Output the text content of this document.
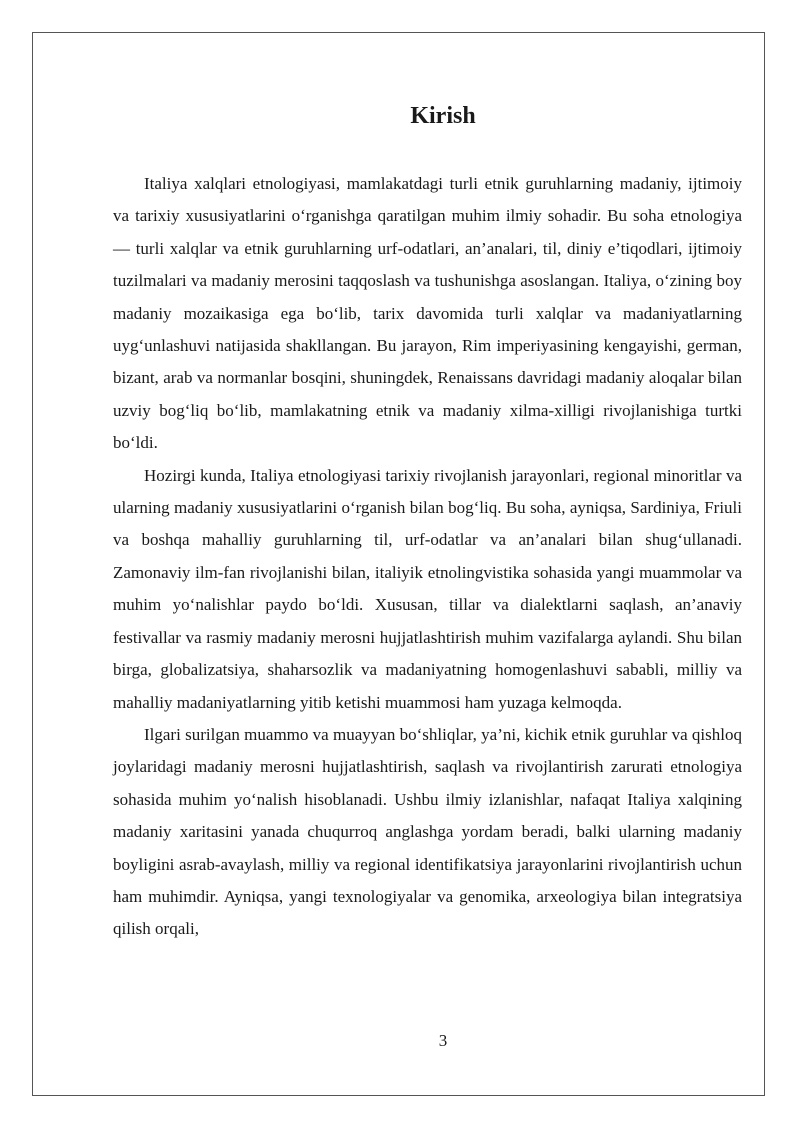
Kirish

Italiya xalqlari etnologiyasi, mamlakatdagi turli etnik guruhlarning madaniy, ijtimoiy va tarixiy xususiyatlarini o‘rganishga qaratilgan muhim ilmiy sohadir. Bu soha etnologiya — turli xalqlar va etnik guruhlarning urf-odatlari, an’analari, til, diniy e’tiqodlari, ijtimoiy tuzilmalari va madaniy merosini taqqoslash va tushunishga asoslangan. Italiya, o‘zining boy madaniy mozaikasiga ega bo‘lib, tarix davomida turli xalqlar va madaniyatlarning uyg‘unlashuvi natijasida shakllangan. Bu jarayon, Rim imperiyasining kengayishi, german, bizant, arab va normanlar bosqini, shuningdek, Renaissans davridagi madaniy aloqalar bilan uzviy bog‘liq bo‘lib, mamlakatning etnik va madaniy xilma-xilligi rivojlanishiga turtki bo‘ldi.

Hozirgi kunda, Italiya etnologiyasi tarixiy rivojlanish jarayonlari, regional minoritlar va ularning madaniy xususiyatlarini o‘rganish bilan bog‘liq. Bu soha, ayniqsa, Sardiniya, Friuli va boshqa mahalliy guruhlarning til, urf-odatlar va an’analari bilan shug‘ullanadi. Zamonaviy ilm-fan rivojlanishi bilan, italiyik etnolingvistika sohasida yangi muammolar va muhim yo‘nalishlar paydo bo‘ldi. Xususan, tillar va dialektlarni saqlash, an’anaviy festivallar va rasmiy madaniy merosni hujjatlashtirish muhim vazifalarga aylandi. Shu bilan birga, globalizatsiya, shaharsozlik va madaniyatning homogenlashuvi sababli, milliy va mahalliy madaniyatlarning yitib ketishi muammosi ham yuzaga kelmoqda.

Ilgari surilgan muammo va muayyan bo‘shliqlar, ya’ni, kichik etnik guruhlar va qishloq joylaridagi madaniy merosni hujjatlashtirish, saqlash va rivojlantirish zarurati etnologiya sohasida muhim yo‘nalish hisoblanadi. Ushbu ilmiy izlanishlar, nafaqat Italiya xalqining madaniy xaritasini yanada chuqurroq anglashga yordam beradi, balki ularning madaniy boyligini asrab-avaylash, milliy va regional identifikatsiya jarayonlarini rivojlantirish uchun ham muhimdir. Ayniqsa, yangi texnologiyalar va genomika, arxeologiya bilan integratsiya qilish orqali,

3
